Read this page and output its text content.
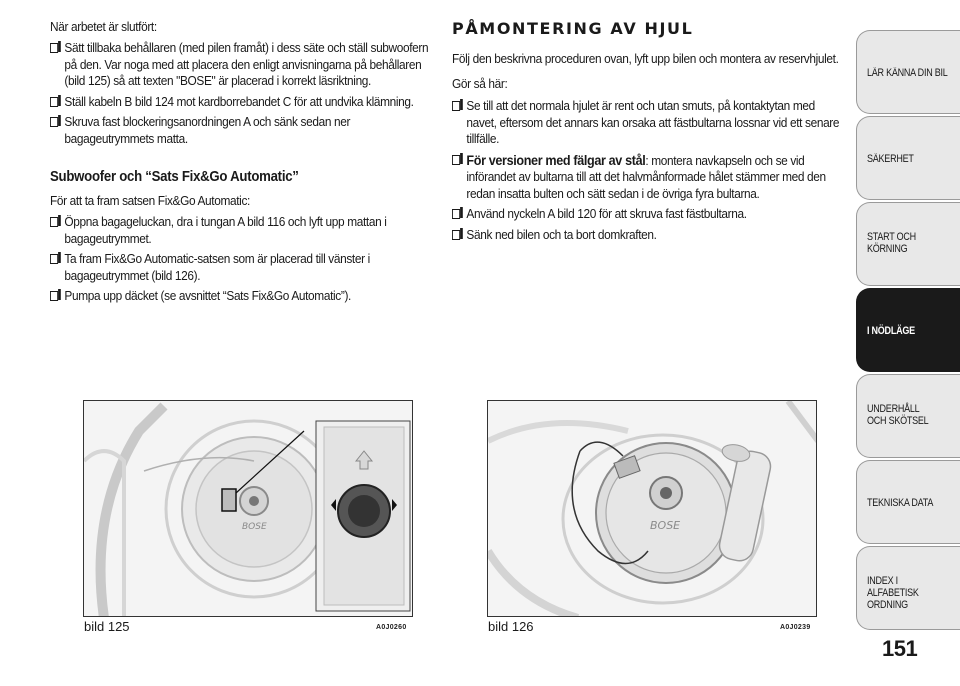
När arbetet är slutfört:
Sätt tillbaka behållaren (med pilen framåt) i dess säte och ställ subwoofern på den. Var noga med att placera den enligt anvisningarna på behållaren (bild 125) så att texten "BOSE" är placerad i korrekt läsriktning.
Ställ kabeln B bild 124 mot kardborrebandet C för att undvika klämning.
Skruva fast blockeringsanordningen A och sänk sedan ner bagagеutrymmets matta.
Subwoofer och “Sats Fix&Go Automatic”
För att ta fram satsen Fix&Go Automatic:
Öppna bagageluckan, dra i tungan A bild 116 och lyft upp mattan i bagageutrymmet.
Ta fram Fix&Go Automatic-satsen som är placerad till vänster i bagageutrymmet (bild 126).
Pumpa upp däcket (se avsnittet “Sats Fix&Go Automatic”).
PÅMONTERING AV HJUL
Följ den beskrivna proceduren ovan, lyft upp bilen och montera av reservhjulet.
Gör så här:
Se till att det normala hjulet är rent och utan smuts, på kontaktytan med navet, eftersom det annars kan orsaka att fästbultarna lossnar vid ett senare tillfälle.
För versioner med fälgar av stål: montera navkapseln och se vid införandet av bultarna till att det halvmånformade hålet stämmer med den redan insatta bulten och sätt sedan i de övriga fyra bultarna.
Använd nyckeln A bild 120 för att skruva fast fästbultarna.
Sänk ned bilen och ta bort domkraften.
BOSE
bild 125	A0J0260
BOSE
bild 126	A0J0239
LÄR KÄNNA DIN BIL
SÄKERHET
START OCH KÖRNING
I NÖDLÄGE
UNDERHÅLL OCH SKÖTSEL
TEKNISKA DATA
INDEX I ALFABETISK ORDNING
151
